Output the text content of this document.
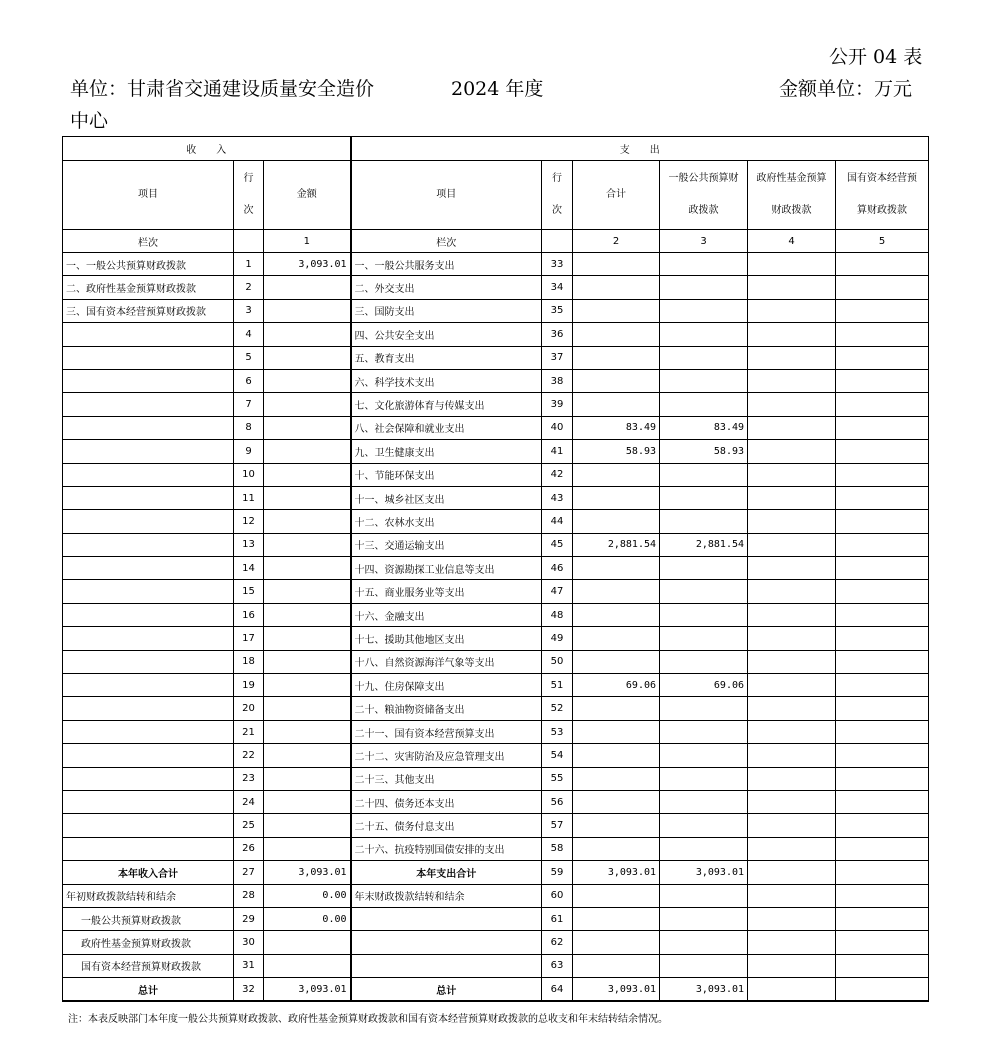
公开 04 表
单位：甘肃省交通建设质量安全造价	2024 年度	金额单位：万元
中心
收　　入			支　　出					
项目	行次	金额	项目	行次	合计	一般公共预算财政拨款	政府性基金预算财政拨款	国有资本经营预算财政拨款
栏次		1	栏次		2	3	4	5
一、一般公共预算财政拨款	1	3,093.01	一、一般公共服务支出	33				
二、政府性基金预算财政拨款	2		二、外交支出	34				
三、国有资本经营预算财政拨款	3		三、国防支出	35				
	4		四、公共安全支出	36				
	5		五、教育支出	37				
	6		六、科学技术支出	38				
	7		七、文化旅游体育与传媒支出	39				
	8		八、社会保障和就业支出	40	83.49	83.49		
	9		九、卫生健康支出	41	58.93	58.93		
	10		十、节能环保支出	42				
	11		十一、城乡社区支出	43				
	12		十二、农林水支出	44				
	13		十三、交通运输支出	45	2,881.54	2,881.54		
	14		十四、资源勘探工业信息等支出	46				
	15		十五、商业服务业等支出	47				
	16		十六、金融支出	48				
	17		十七、援助其他地区支出	49				
	18		十八、自然资源海洋气象等支出	50				
	19		十九、住房保障支出	51	69.06	69.06		
	20		二十、粮油物资储备支出	52				
	21		二十一、国有资本经营预算支出	53				
	22		二十二、灾害防治及应急管理支出	54				
	23		二十三、其他支出	55				
	24		二十四、债务还本支出	56				
	25		二十五、债务付息支出	57				
	26		二十六、抗疫特别国债安排的支出	58				
本年收入合计	27	3,093.01	本年支出合计	59	3,093.01	3,093.01		
年初财政拨款结转和结余	28	0.00	年末财政拨款结转和结余	60				
一般公共预算财政拨款	29	0.00		61				
政府性基金预算财政拨款	30			62				
国有资本经营预算财政拨款	31			63				
总计	32	3,093.01	总计	64	3,093.01	3,093.01		
注：本表反映部门本年度一般公共预算财政拨款、政府性基金预算财政拨款和国有资本经营预算财政拨款的总收支和年末结转结余情况。
